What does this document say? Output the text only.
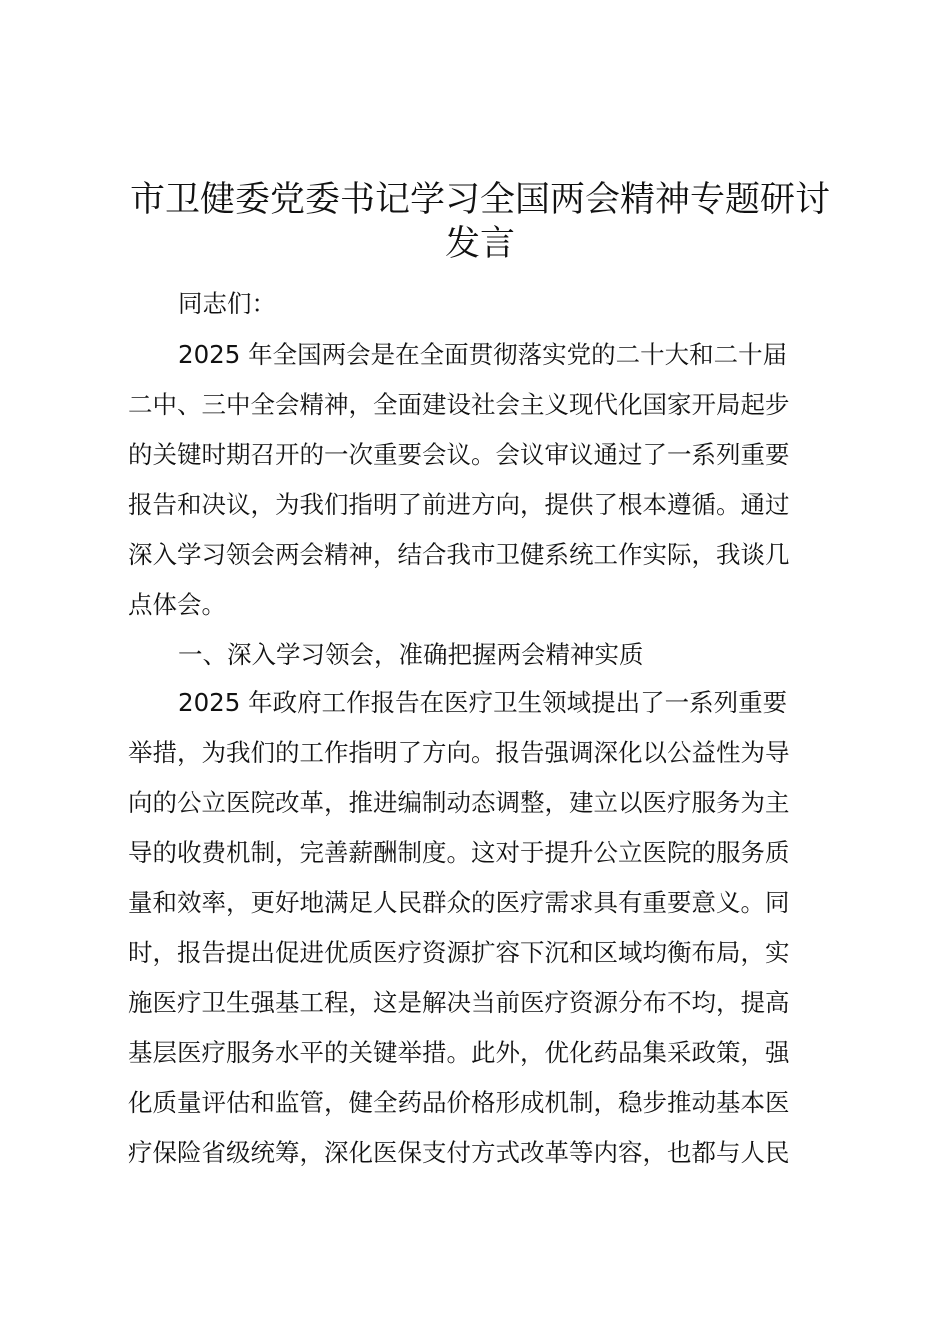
市卫健委党委书记学习全国两会精神专题研讨
发言
同志们：
2025 年全国两会是在全面贯彻落实党的二十大和二十届
二中、三中全会精神，全面建设社会主义现代化国家开局起步
的关键时期召开的一次重要会议。会议审议通过了一系列重要
报告和决议，为我们指明了前进方向，提供了根本遵循。通过
深入学习领会两会精神，结合我市卫健系统工作实际，我谈几
点体会。
一、深入学习领会，准确把握两会精神实质
2025 年政府工作报告在医疗卫生领域提出了一系列重要
举措，为我们的工作指明了方向。报告强调深化以公益性为导
向的公立医院改革，推进编制动态调整，建立以医疗服务为主
导的收费机制，完善薪酬制度。这对于提升公立医院的服务质
量和效率，更好地满足人民群众的医疗需求具有重要意义。同
时，报告提出促进优质医疗资源扩容下沉和区域均衡布局，实
施医疗卫生强基工程，这是解决当前医疗资源分布不均，提高
基层医疗服务水平的关键举措。此外，优化药品集采政策，强
化质量评估和监管，健全药品价格形成机制，稳步推动基本医
疗保险省级统筹，深化医保支付方式改革等内容，也都与人民
